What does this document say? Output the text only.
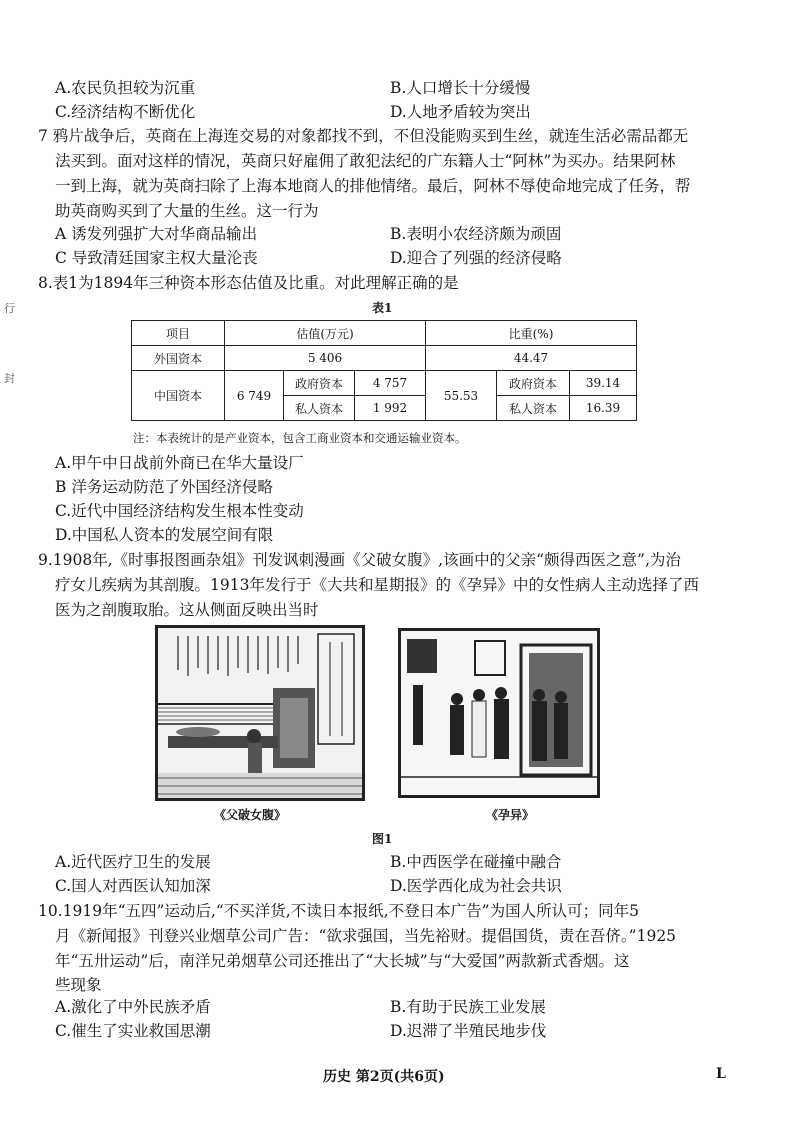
行
封
A.农民负担较为沉重	B.人口增长十分缓慢
C.经济结构不断优化	D.人地矛盾较为突出
7 鸦片战争后，英商在上海连交易的对象都找不到，不但没能购买到生丝，就连生活必需品都无
法买到。面对这样的情况，英商只好雇佣了敢犯法纪的广东籍人士“阿林”为买办。结果阿林
一到上海，就为英商扫除了上海本地商人的排他情绪。最后，阿林不辱使命地完成了任务，帮
助英商购买到了大量的生丝。这一行为
A 诱发列强扩大对华商品输出	B.表明小农经济颇为顽固
C 导致清廷国家主权大量沦丧	D.迎合了列强的经济侵略
8.表1为1894年三种资本形态估值及比重。对此理解正确的是
表1
项目	估值(万元)			比重(%)		
外国资本	5 406			44.47		
中国资本	6 749	政府资本	4 757	55.53	政府资本	39.14
		私人资本	1 992		私人资本	16.39
注：本表统计的是产业资本，包含工商业资本和交通运输业资本。
A.甲午中日战前外商已在华大量设厂
B 洋务运动防范了外国经济侵略
C.近代中国经济结构发生根本性变动
D.中国私人资本的发展空间有限
9.1908年,《时事报图画杂俎》刊发讽刺漫画《父破女腹》,该画中的父亲“颇得西医之意”,为治
疗女儿疾病为其剖腹。1913年发行于《大共和星期报》的《孕异》中的女性病人主动选择了西
医为之剖腹取胎。这从侧面反映出当时
《父破女腹》	《孕异》
图1
A.近代医疗卫生的发展	B.中西医学在碰撞中融合
C.国人对西医认知加深	D.医学西化成为社会共识
10.1919年“五四”运动后,“不买洋货,不读日本报纸,不登日本广告”为国人所认可；同年5
月《新闻报》刊登兴业烟草公司广告：“欲求强国，当先裕财。提倡国货，责在吾侪。”1925
年“五卅运动”后，南洋兄弟烟草公司还推出了“大长城”与“大爱国”两款新式香烟。这
些现象
A.激化了中外民族矛盾	B.有助于民族工业发展
C.催生了实业救国思潮	D.迟滞了半殖民地步伐
历史 第2页(共6页)	L
